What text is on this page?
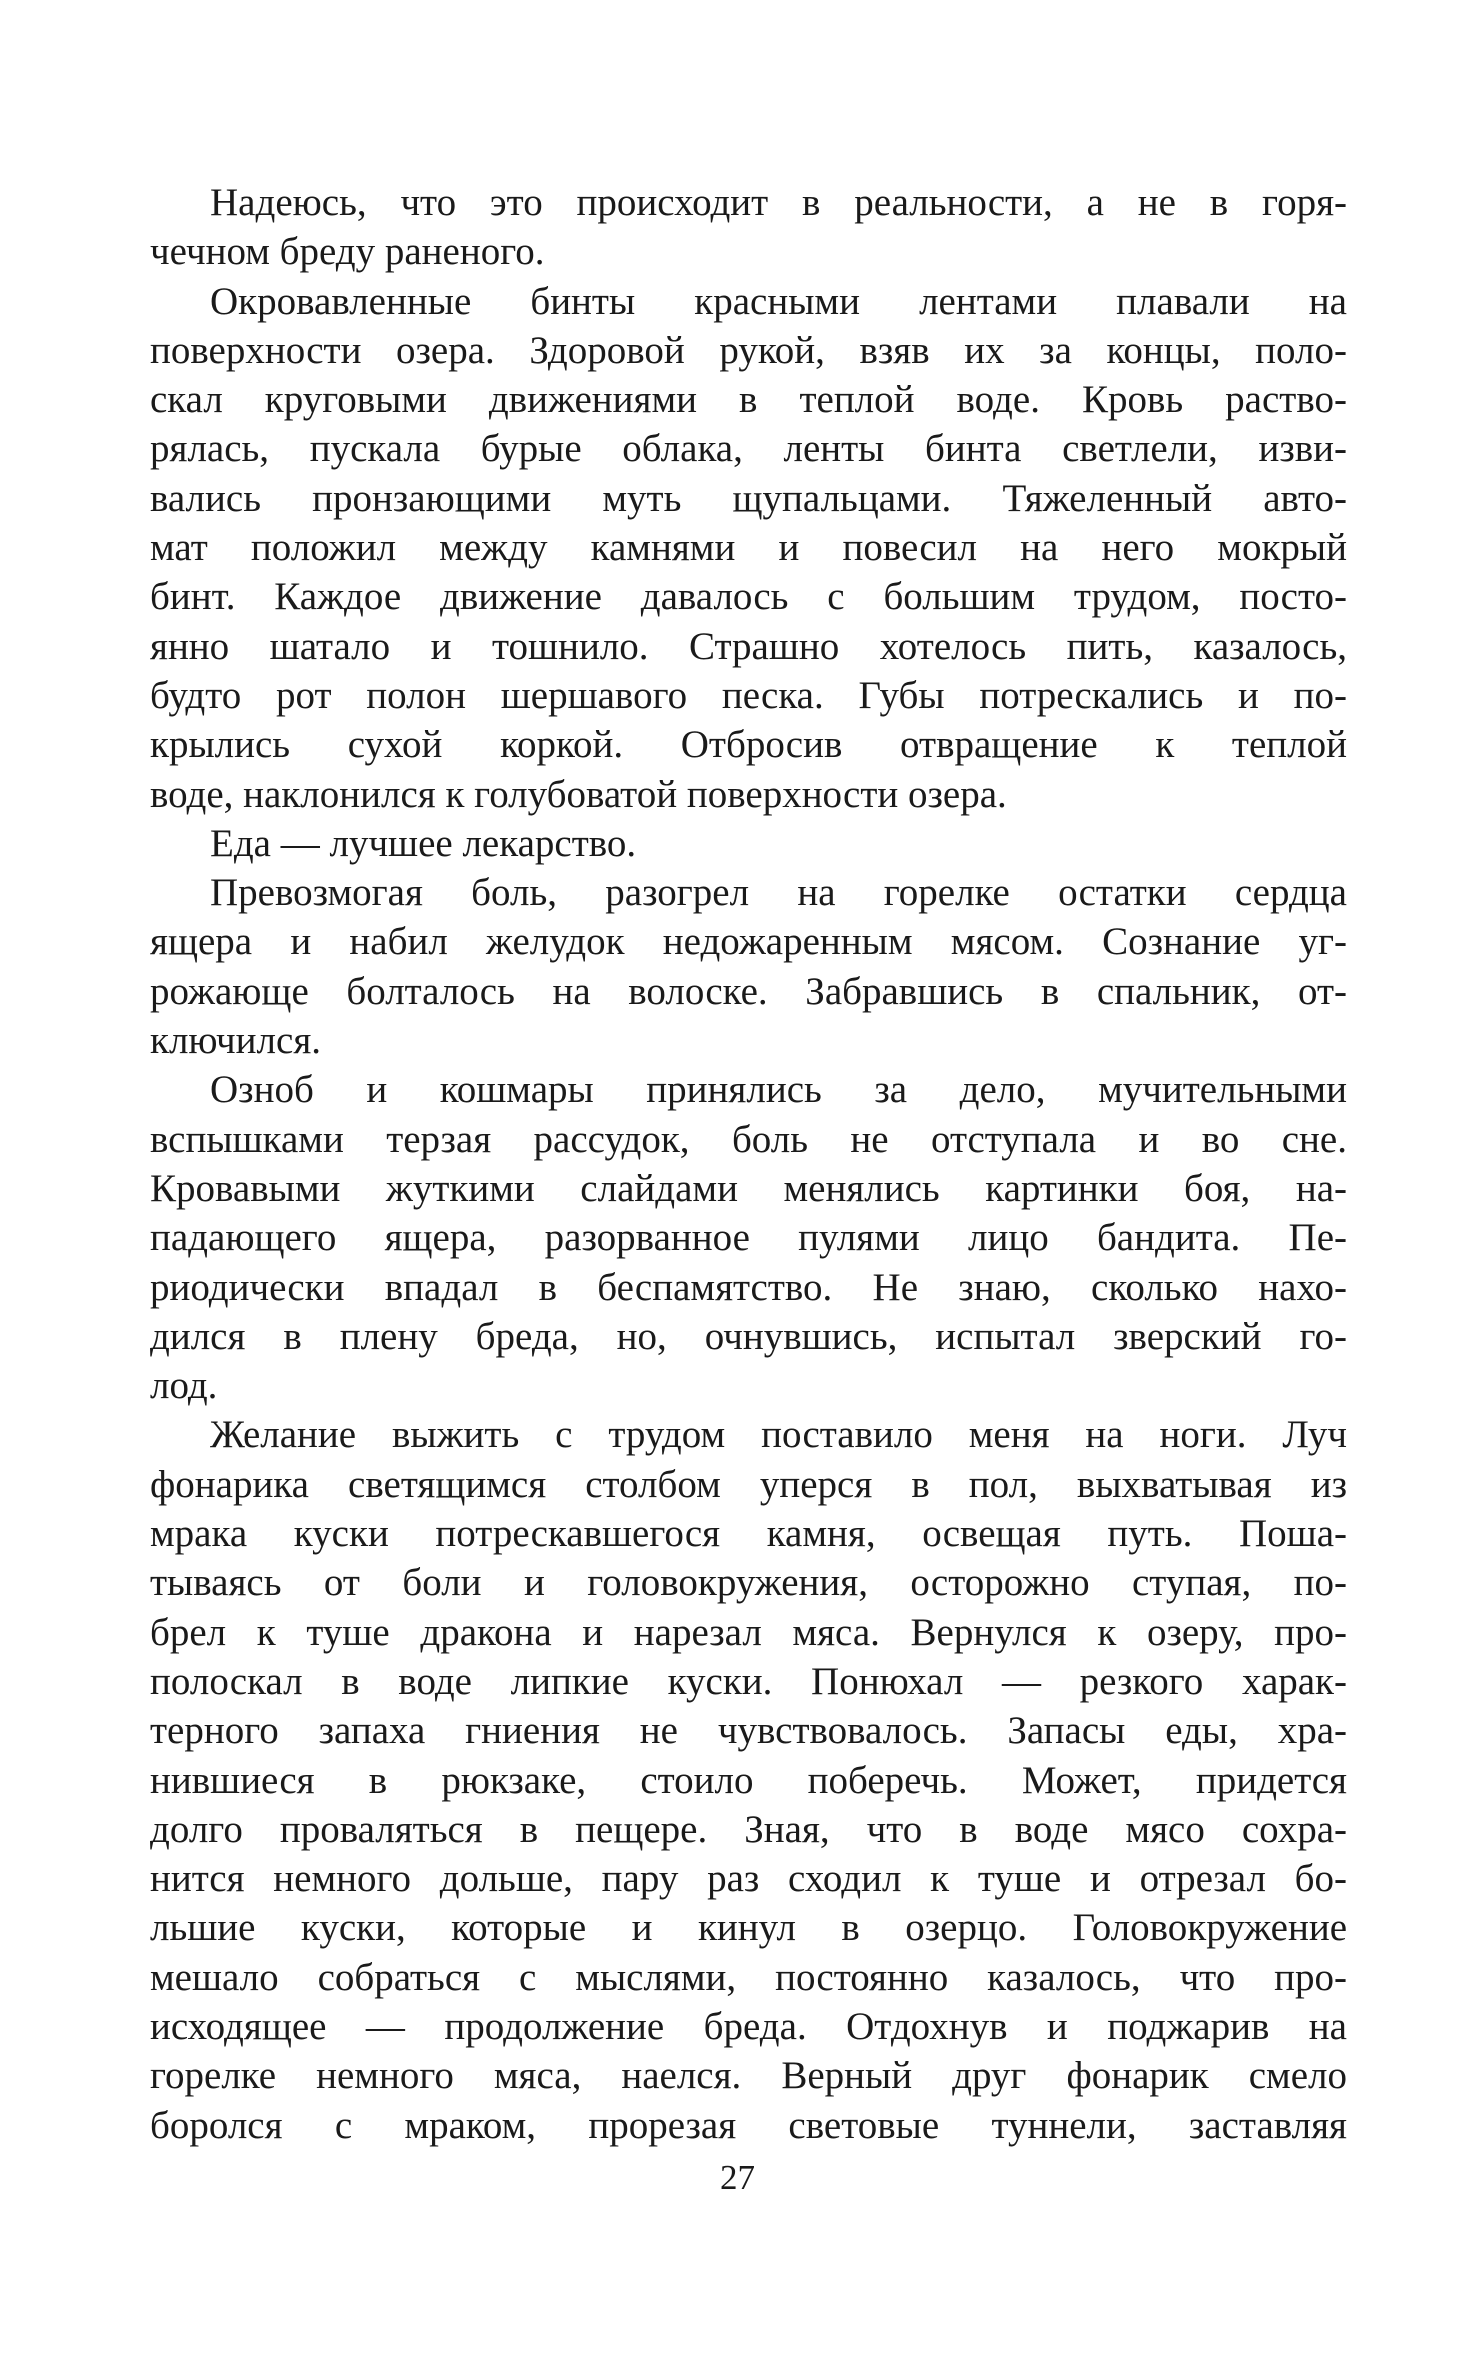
Надеюсь, что это происходит в реальности, а не в горя-
чечном бреду раненого.
Окровавленные бинты красными лентами плавали на
поверхности озера. Здоровой рукой, взяв их за концы, поло-
скал круговыми движениями в теплой воде. Кровь раство-
рялась, пускала бурые облака, ленты бинта светлели, изви-
вались пронзающими муть щупальцами. Тяжеленный авто-
мат положил между камнями и повесил на него мокрый
бинт. Каждое движение давалось с большим трудом, посто-
янно шатало и тошнило. Страшно хотелось пить, казалось,
будто рот полон шершавого песка. Губы потрескались и по-
крылись сухой коркой. Отбросив отвращение к теплой
воде, наклонился к голубоватой поверхности озера.
Еда — лучшее лекарство.
Превозмогая боль, разогрел на горелке остатки сердца
ящера и набил желудок недожаренным мясом. Сознание уг-
рожающе болталось на волоске. Забравшись в спальник, от-
ключился.
Озноб и кошмары принялись за дело, мучительными
вспышками терзая рассудок, боль не отступала и во сне.
Кровавыми жуткими слайдами менялись картинки боя, на-
падающего ящера, разорванное пулями лицо бандита. Пе-
риодически впадал в беспамятство. Не знаю, сколько нахо-
дился в плену бреда, но, очнувшись, испытал зверский го-
лод.
Желание выжить с трудом поставило меня на ноги. Луч
фонарика светящимся столбом уперся в пол, выхватывая из
мрака куски потрескавшегося камня, освещая путь. Поша-
тываясь от боли и головокружения, осторожно ступая, по-
брел к туше дракона и нарезал мяса. Вернулся к озеру, про-
полоскал в воде липкие куски. Понюхал — резкого харак-
терного запаха гниения не чувствовалось. Запасы еды, хра-
нившиеся в рюкзаке, стоило поберечь. Может, придется
долго проваляться в пещере. Зная, что в воде мясо сохра-
нится немного дольше, пару раз сходил к туше и отрезал бо-
льшие куски, которые и кинул в озерцо. Головокружение
мешало собраться с мыслями, постоянно казалось, что про-
исходящее — продолжение бреда. Отдохнув и поджарив на
горелке немного мяса, наелся. Верный друг фонарик смело
боролся с мраком, прорезая световые туннели, заставляя
27
